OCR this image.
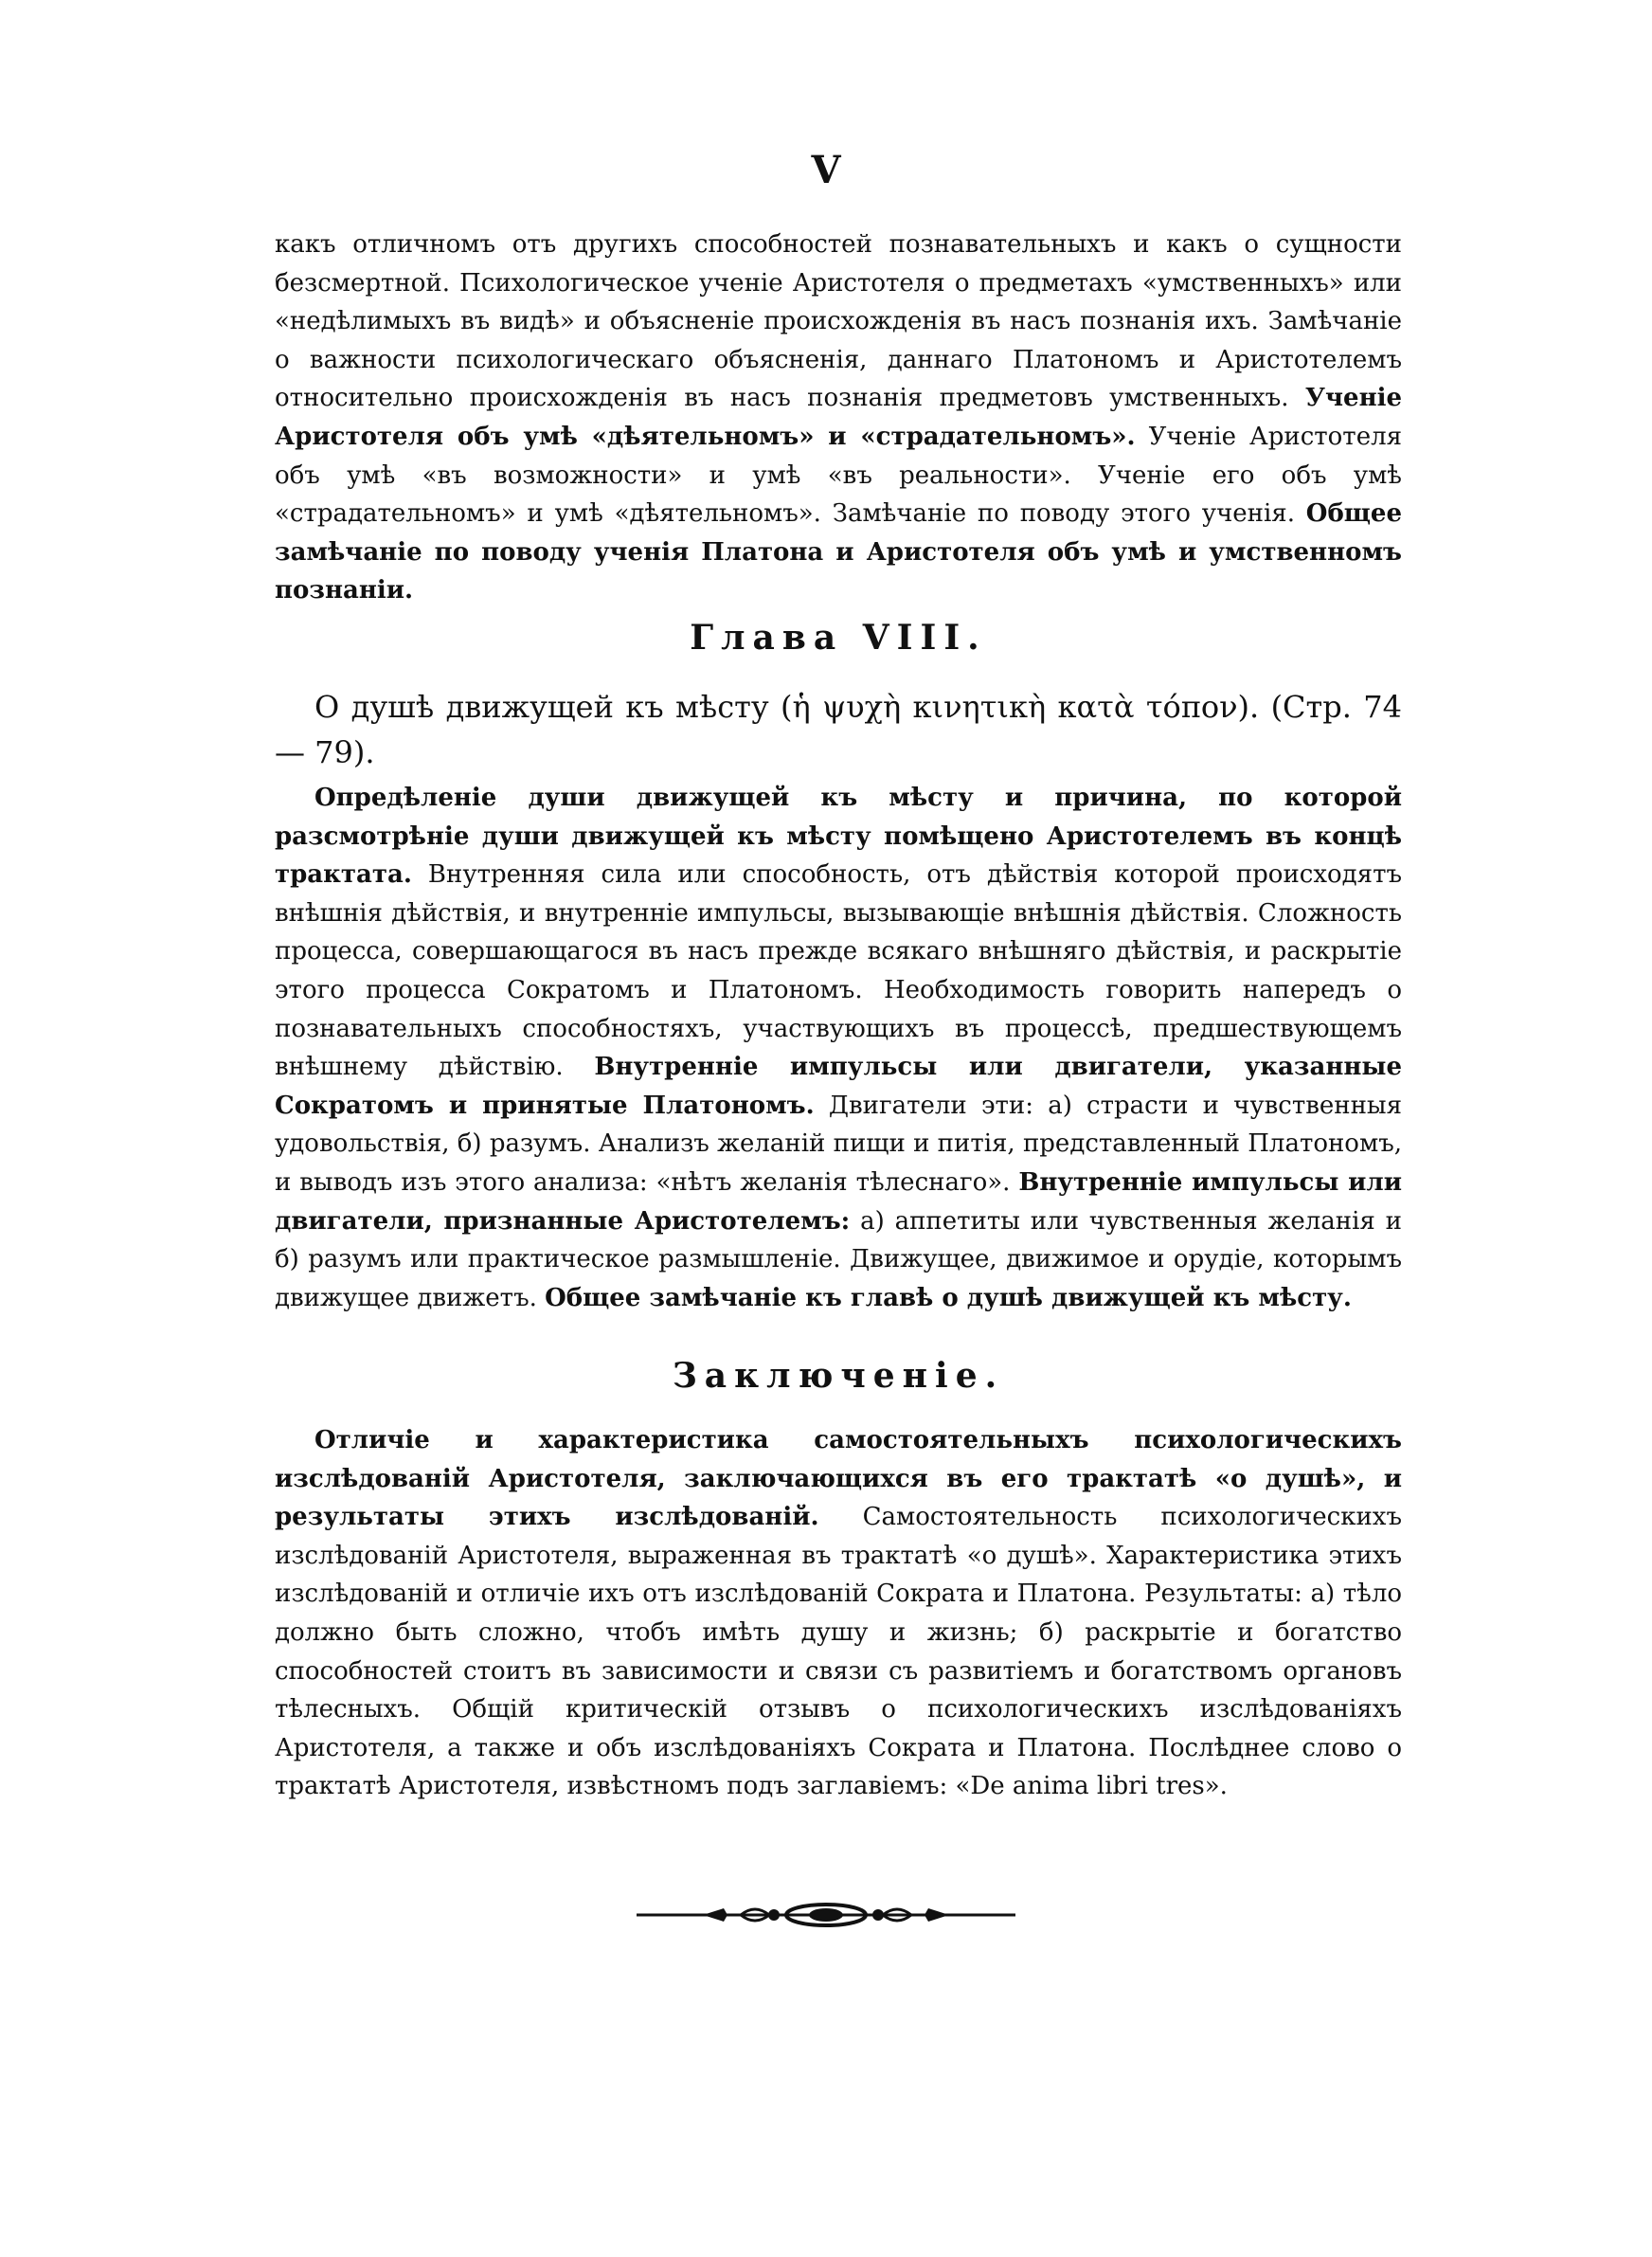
V

какъ отличномъ отъ другихъ способностей познавательныхъ и какъ о сущности безсмертной. Психологическое ученіе Аристотеля о предметахъ «умственныхъ» или «недѣлимыхъ въ видѣ» и объясненіе происхожденія въ насъ познанія ихъ. Замѣчаніе о важности психологическаго объясненія, даннаго Платономъ и Аристотелемъ относительно происхожденія въ насъ познанія предметовъ умственныхъ. Ученіе Аристотеля объ умѣ «дѣятельномъ» и «страдательномъ». Ученіе Аристотеля объ умѣ «въ возможности» и умѣ «въ реальности». Ученіе его объ умѣ «страдательномъ» и умѣ «дѣятельномъ». Замѣчаніе по поводу этого ученія. Общее замѣчаніе по поводу ученія Платона и Аристотеля объ умѣ и умственномъ познаніи.

Глава VIII.
О душѣ движущей къ мѣсту (ἡ ψυχὴ κινητικὴ κατὰ τόπον). (Стр. 74 — 79).

Опредѣленіе души движущей къ мѣсту и причина, по которой разсмотрѣніе души движущей къ мѣсту помѣщено Аристотелемъ въ концѣ трактата. Внутренняя сила или способность, отъ дѣйствія которой происходятъ внѣшнія дѣйствія, и внутренніе импульсы, вызывающіе внѣшнія дѣйствія. Сложность процесса, совершающагося въ насъ прежде всякаго внѣшняго дѣйствія, и раскрытіе этого процесса Сократомъ и Платономъ. Необходимость говорить напередъ о познавательныхъ способностяхъ, участвующихъ въ процессѣ, предшествующемъ внѣшнему дѣйствію. Внутренніе импульсы или двигатели, указанные Сократомъ и принятые Платономъ. Двигатели эти: а) страсти и чувственныя удовольствія, б) разумъ. Анализъ желаній пищи и питія, представленный Платономъ, и выводъ изъ этого анализа: «нѣтъ желанія тѣлеснаго». Внутренніе импульсы или двигатели, признанные Аристотелемъ: а) аппетиты или чувственныя желанія и б) разумъ или практическое размышленіе. Движущее, движимое и орудіе, которымъ движущее движетъ. Общее замѣчаніе къ главѣ о душѣ движущей къ мѣсту.

Заключеніе.

Отличіе и характеристика самостоятельныхъ психологическихъ изслѣдованій Аристотеля, заключающихся въ его трактатѣ «о душѣ», и результаты этихъ изслѣдованій. Самостоятельность психологическихъ изслѣдованій Аристотеля, выраженная въ трактатѣ «о душѣ». Характеристика этихъ изслѣдованій и отличіе ихъ отъ изслѣдованій Сократа и Платона. Результаты: а) тѣло должно быть сложно, чтобъ имѣть душу и жизнь; б) раскрытіе и богатство способностей стоитъ въ зависимости и связи съ развитіемъ и богатствомъ органовъ тѣлесныхъ. Общій критическій отзывъ о психологическихъ изслѣдованіяхъ Аристотеля, а также и объ изслѣдованіяхъ Сократа и Платона. Послѣднее слово о трактатѣ Аристотеля, извѣстномъ подъ заглавіемъ: «De anima libri tres».
